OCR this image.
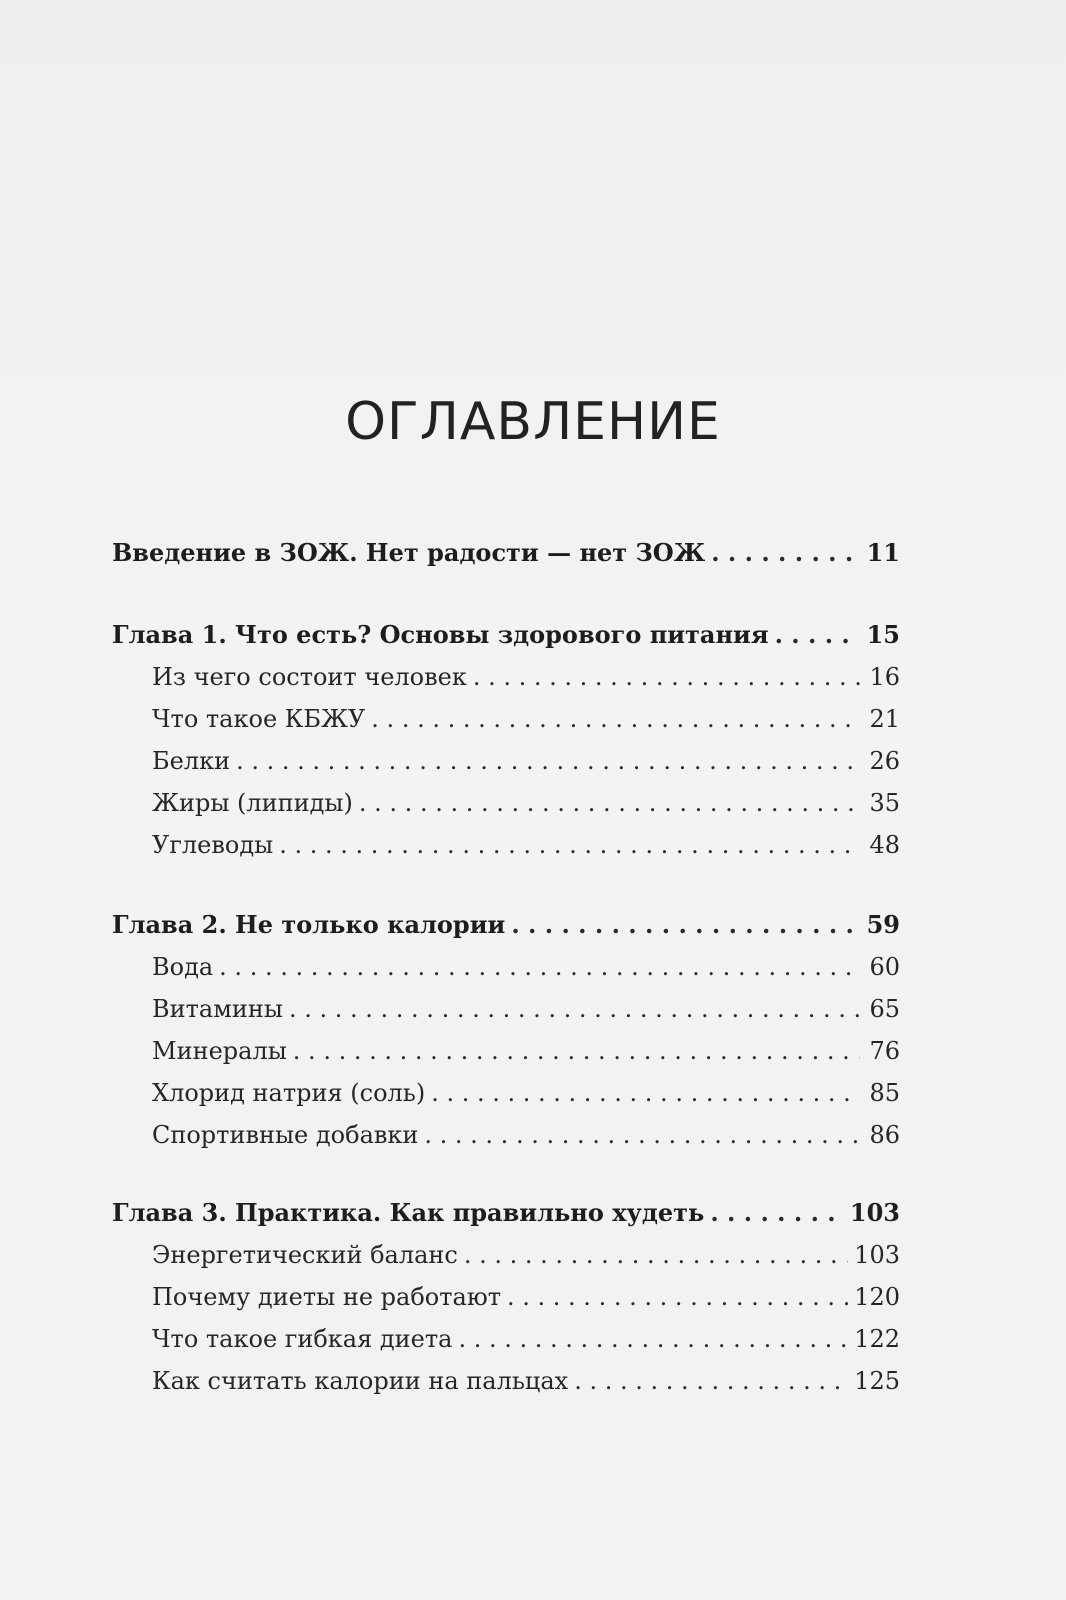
ОГЛАВЛЕНИЕ
Введение в ЗОЖ. Нет радости — нет ЗОЖ . . .	11
Глава 1. Что есть? Основы здорового питания . . .	15
Из чего состоит человек . . .	16
Что такое КБЖУ . . .	21
Белки . . .	26
Жиры (липиды) . . .	35
Углеводы . . .	48
Глава 2. Не только калории . . .	59
Вода . . .	60
Витамины . . .	65
Минералы . . .	76
Хлорид натрия (соль) . . .	85
Спортивные добавки . . .	86
Глава 3. Практика. Как правильно худеть . . .	103
Энергетический баланс . . .	103
Почему диеты не работают . . .	120
Что такое гибкая диета . . .	122
Как считать калории на пальцах . . .	125
